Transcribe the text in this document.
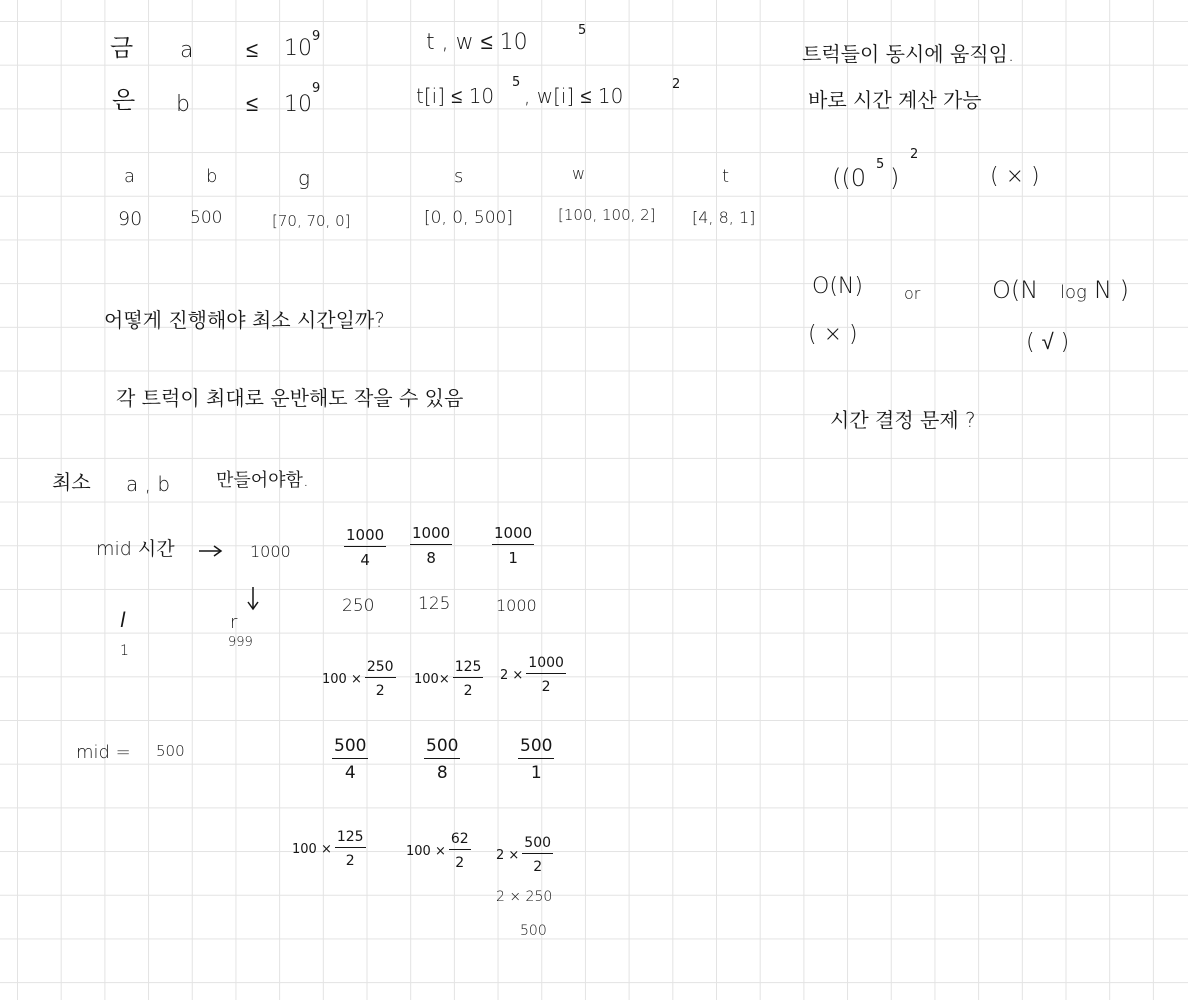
금 a ≤ 10 9
은 b	≤ 10
9
t , w ≤ 10	5
t[i] ≤ 10
5
, w[i] ≤ 10	2
a	b	g	s	w	t
90	500	[70, 70, 0]	[0, 0, 500]	[100, 100, 2] [4, 8, 1]
트럭들이 동시에 움직임.
바로 시간 계산 가능
((0 5 )
2
( × )
O(N)	or	O(N log N )
( × )	( √ )
시간 결정 문제 ?
어떻게 진행해야 최소 시간일까?
각 트럭이 최대로 운반해도 작을 수 있음
최소 a , b	만들어야함.
mid 시간	1000
l
1
r
999
mid = 500
$\frac{1000}{4} \frac{1000}{8}$	$\frac{1000}{1}$
250	125	1000
$100 \times \frac{250}{2} 100\times \frac{125}{2} 2 \times \frac{1000}{2}$
$\frac{500}{4}$	$\frac{500}{8}$	$\frac{500}{1}$
$100 \times \frac{125}{2}$	$100 \times \frac{62}{2} 2 \times \frac{500}{2}$
2 × 250
500
